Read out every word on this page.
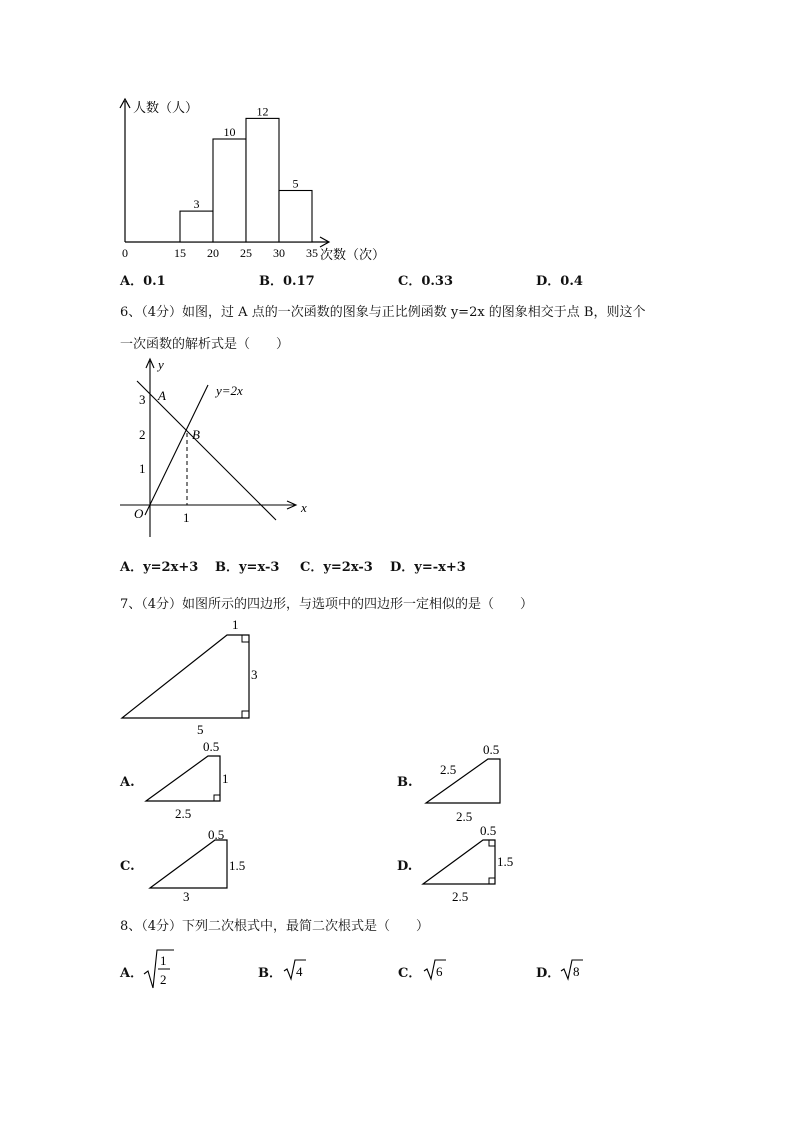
3
10
12
5
人数（人）
次数（次）
0	15 20 25 30 35
A．0.1	B．0.17	C．0.33	D．0.4
6、（4分）如图，过 A 点的一次函数的图象与正比例函数 y=2x 的图象相交于点 B，则这个
一次函数的解析式是（　　）
y
x
O
y=2x
A
B
3
2
1
1
A．y=2x+3 B．y=x-3 C．y=2x-3 D．y=-x+3
7、（4分）如图所示的四边形，与选项中的四边形一定相似的是（　　）
1
3
5
A.
0.5
1
2.5
B.
0.5
2.5
2.5
C.
0.5
1.5
3
D.
0.5
1.5
2.5
8、（4分）下列二次根式中，最简二次根式是（　　）
A．
1
2	B． 4	C． 6	D． 8
